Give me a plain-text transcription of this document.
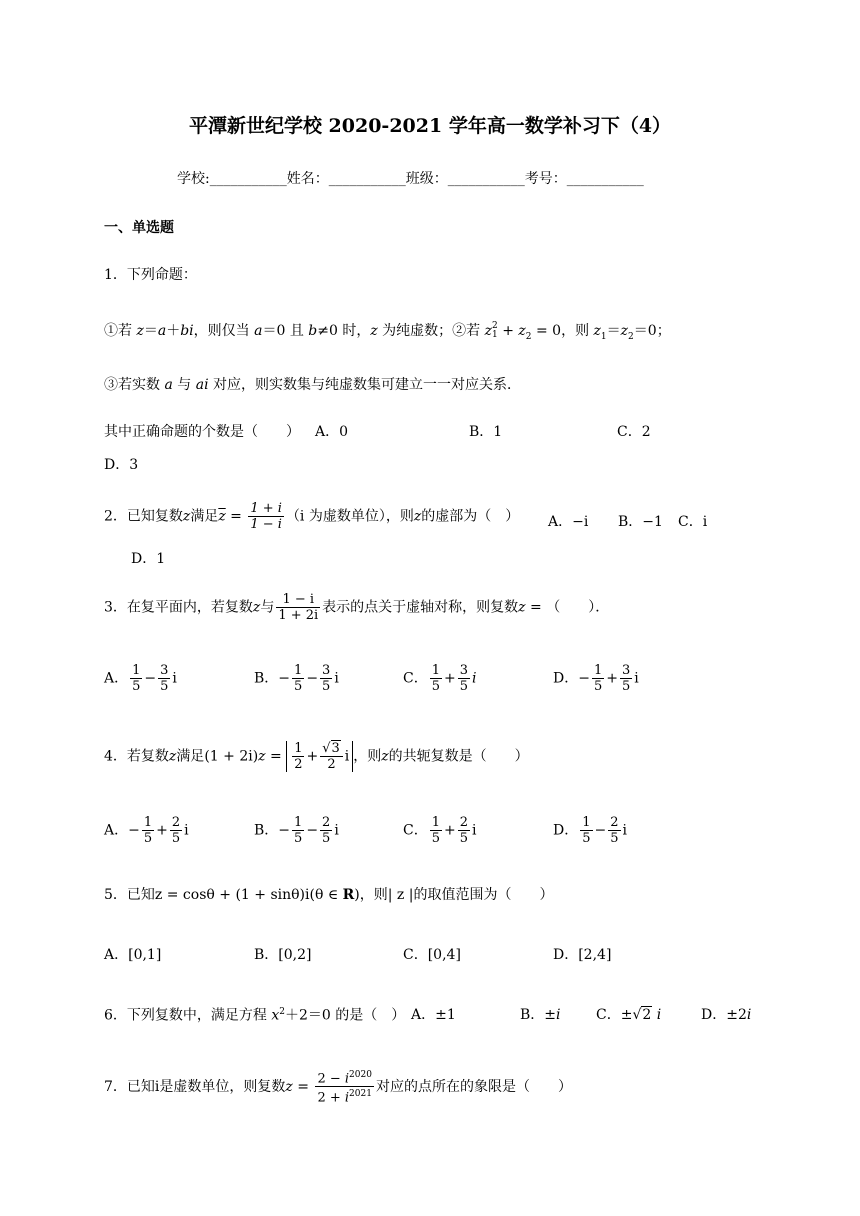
平潭新世纪学校 2020-2021 学年高一数学补习下（4）
学校:___________姓名：___________班级：___________考号：___________
一、单选题
1．下列命题：
①若 z＝a＋bi，则仅当 a＝0 且 b≠0 时，z 为纯虚数；②若 z 2
$1 + z_2 = 0$，则 $z_1=z_2=0$；
③若实数 a 与 ai 对应，则实数集与纯虚数集可建立一一对应关系．
其中正确命题的个数是（　　） A．0	B．1	C．2
D．3
2．已知复数z满足$\overline{z} = \frac{1 + i}{1 - i} (i$ 为虚数单位），则z的虚部为（　） A．−i B．−1 C．i
D．1
3．在复平面内，若复数z与 $\frac{1 - i}{1 + 2i}$ 表示的点关于虚轴对称，则复数z = （　　）．
A． $\frac{1}{5} - \frac{3}{5}$ i	B．− $\frac{1}{5} - \frac{3}{5}$ i	C． $\frac{1}{5} + \frac{3}{5}$ i	D．− $\frac{1}{5} + \frac{3}{5}$ i
4．若复数z满足$(1 + 2i)z = \frac{1}{2} + \frac{√3}{2}$ i ，则z的共轭复数是（　　）
A．− $\frac{1}{5} + \frac{2}{5}$ i	B．− $\frac{1}{5} - \frac{2}{5}$ i	C． $\frac{1}{5} + \frac{2}{5}$ i	D． $\frac{1}{5} - \frac{2}{5}$ i
5．已知z = cosθ + (1 + sinθ)i(θ ∈ R)，则| z |的取值范围为（　　）
A．[0,1]	B．[0,2]	C．[0,4]	D．[2,4]
6．下列复数中，满足方程 $x^2+2=0$ 的是（　） A．±1	B．±i	C．±√2 i	D．±2i
7．已知i是虚数单位，则复数$z = \frac{2 - i^{2020}}{2 + i^{2021}}$ 对应的点所在的象限是（　　）
